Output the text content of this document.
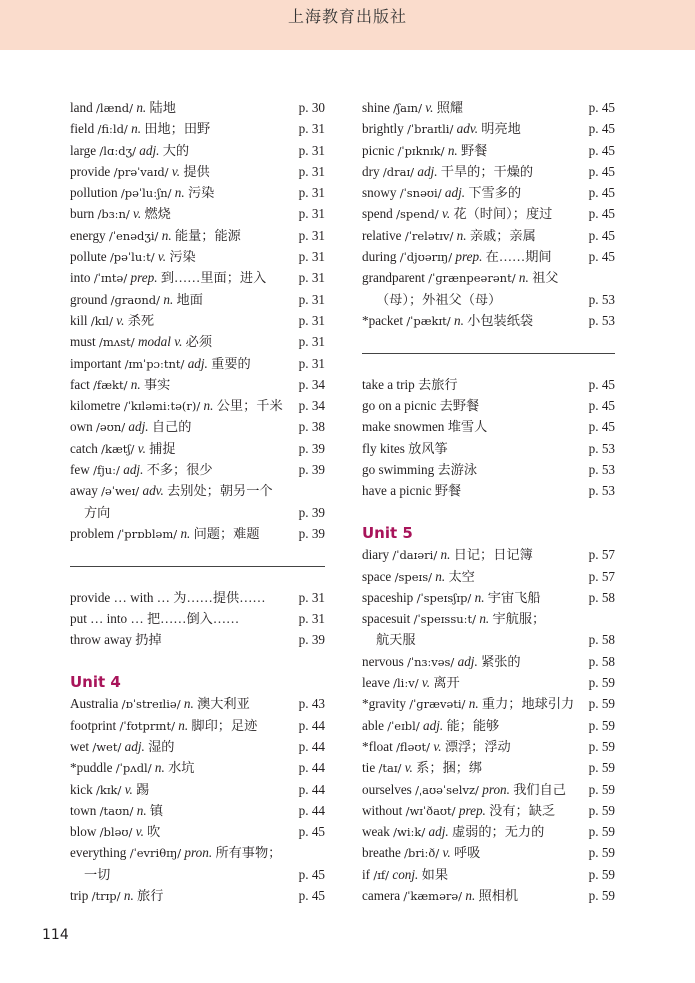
上海教育出版社
land /lænd/ n. 陆地	p. 30
field /fiːld/ n. 田地；田野	p. 31
large /lɑːdʒ/ adj. 大的	p. 31
provide /prəˈvaɪd/ v. 提供	p. 31
pollution /pəˈluːʃn/ n. 污染	p. 31
burn /bɜːn/ v. 燃烧	p. 31
energy /ˈenədʒi/ n. 能量；能源	p. 31
pollute /pəˈluːt/ v. 污染	p. 31
into /ˈɪntə/ prep. 到……里面；进入 p. 31
ground /ɡraʊnd/ n. 地面	p. 31
kill /kɪl/ v. 杀死	p. 31
must /mʌst/ modal v. 必须	p. 31
important /ɪmˈpɔːtnt/ adj. 重要的	p. 31
fact /fækt/ n. 事实	p. 34
kilometre /ˈkɪləmiːtə(r)/ n. 公里；千米 p. 34
own /əʊn/ adj. 自己的	p. 38
catch /kætʃ/ v. 捕捉	p. 39
few /fjuː/ adj. 不多；很少	p. 39
away /əˈweɪ/ adv. 去别处；朝另一个
方向	p. 39
problem /ˈprɒbləm/ n. 问题；难题	p. 39
provide … with … 为……提供……	p. 31
put … into … 把……倒入……	p. 31
throw away 扔掉	p. 39
Unit 4
Australia /ɒˈstreɪliə/ n. 澳大利亚	p. 43
footprint /ˈfʊtprɪnt/ n. 脚印；足迹	p. 44
wet /wet/ adj. 湿的	p. 44
*puddle /ˈpʌdl/ n. 水坑	p. 44
kick /kɪk/ v. 踢	p. 44
town /taʊn/ n. 镇	p. 44
blow /bləʊ/ v. 吹	p. 45
everything /ˈevriθɪŋ/ pron. 所有事物；
一切	p. 45
trip /trɪp/ n. 旅行	p. 45
shine /ʃaɪn/ v. 照耀	p. 45
brightly /ˈbraɪtli/ adv. 明亮地	p. 45
picnic /ˈpɪknɪk/ n. 野餐	p. 45
dry /draɪ/ adj. 干旱的；干燥的	p. 45
snowy /ˈsnəʊi/ adj. 下雪多的	p. 45
spend /spend/ v. 花（时间）；度过	p. 45
relative /ˈrelətɪv/ n. 亲戚；亲属	p. 45
during /ˈdjʊərɪŋ/ prep. 在……期间	p. 45
grandparent /ˈɡrænpeərənt/ n. 祖父
（母）；外祖父（母）	p. 53
*packet /ˈpækɪt/ n. 小包装纸袋	p. 53
take a trip 去旅行	p. 45
go on a picnic 去野餐	p. 45
make snowmen 堆雪人	p. 45
fly kites 放风筝	p. 53
go swimming 去游泳	p. 53
have a picnic 野餐	p. 53
Unit 5
diary /ˈdaɪəri/ n. 日记；日记簿	p. 57
space /speɪs/ n. 太空	p. 57
spaceship /ˈspeɪsʃɪp/ n. 宇宙飞船	p. 58
spacesuit /ˈspeɪssuːt/ n. 宇航服；
航天服	p. 58
nervous /ˈnɜːvəs/ adj. 紧张的	p. 58
leave /liːv/ v. 离开	p. 59
*gravity /ˈɡrævəti/ n. 重力；地球引力 p. 59
able /ˈeɪbl/ adj. 能；能够	p. 59
*float /fləʊt/ v. 漂浮；浮动	p. 59
tie /taɪ/ v. 系；捆；绑	p. 59
ourselves /ˌaʊəˈselvz/ pron. 我们自己 p. 59
without /wɪˈðaʊt/ prep. 没有；缺乏	p. 59
weak /wiːk/ adj. 虚弱的；无力的	p. 59
breathe /briːð/ v. 呼吸	p. 59
if /ɪf/ conj. 如果	p. 59
camera /ˈkæmərə/ n. 照相机	p. 59
114
